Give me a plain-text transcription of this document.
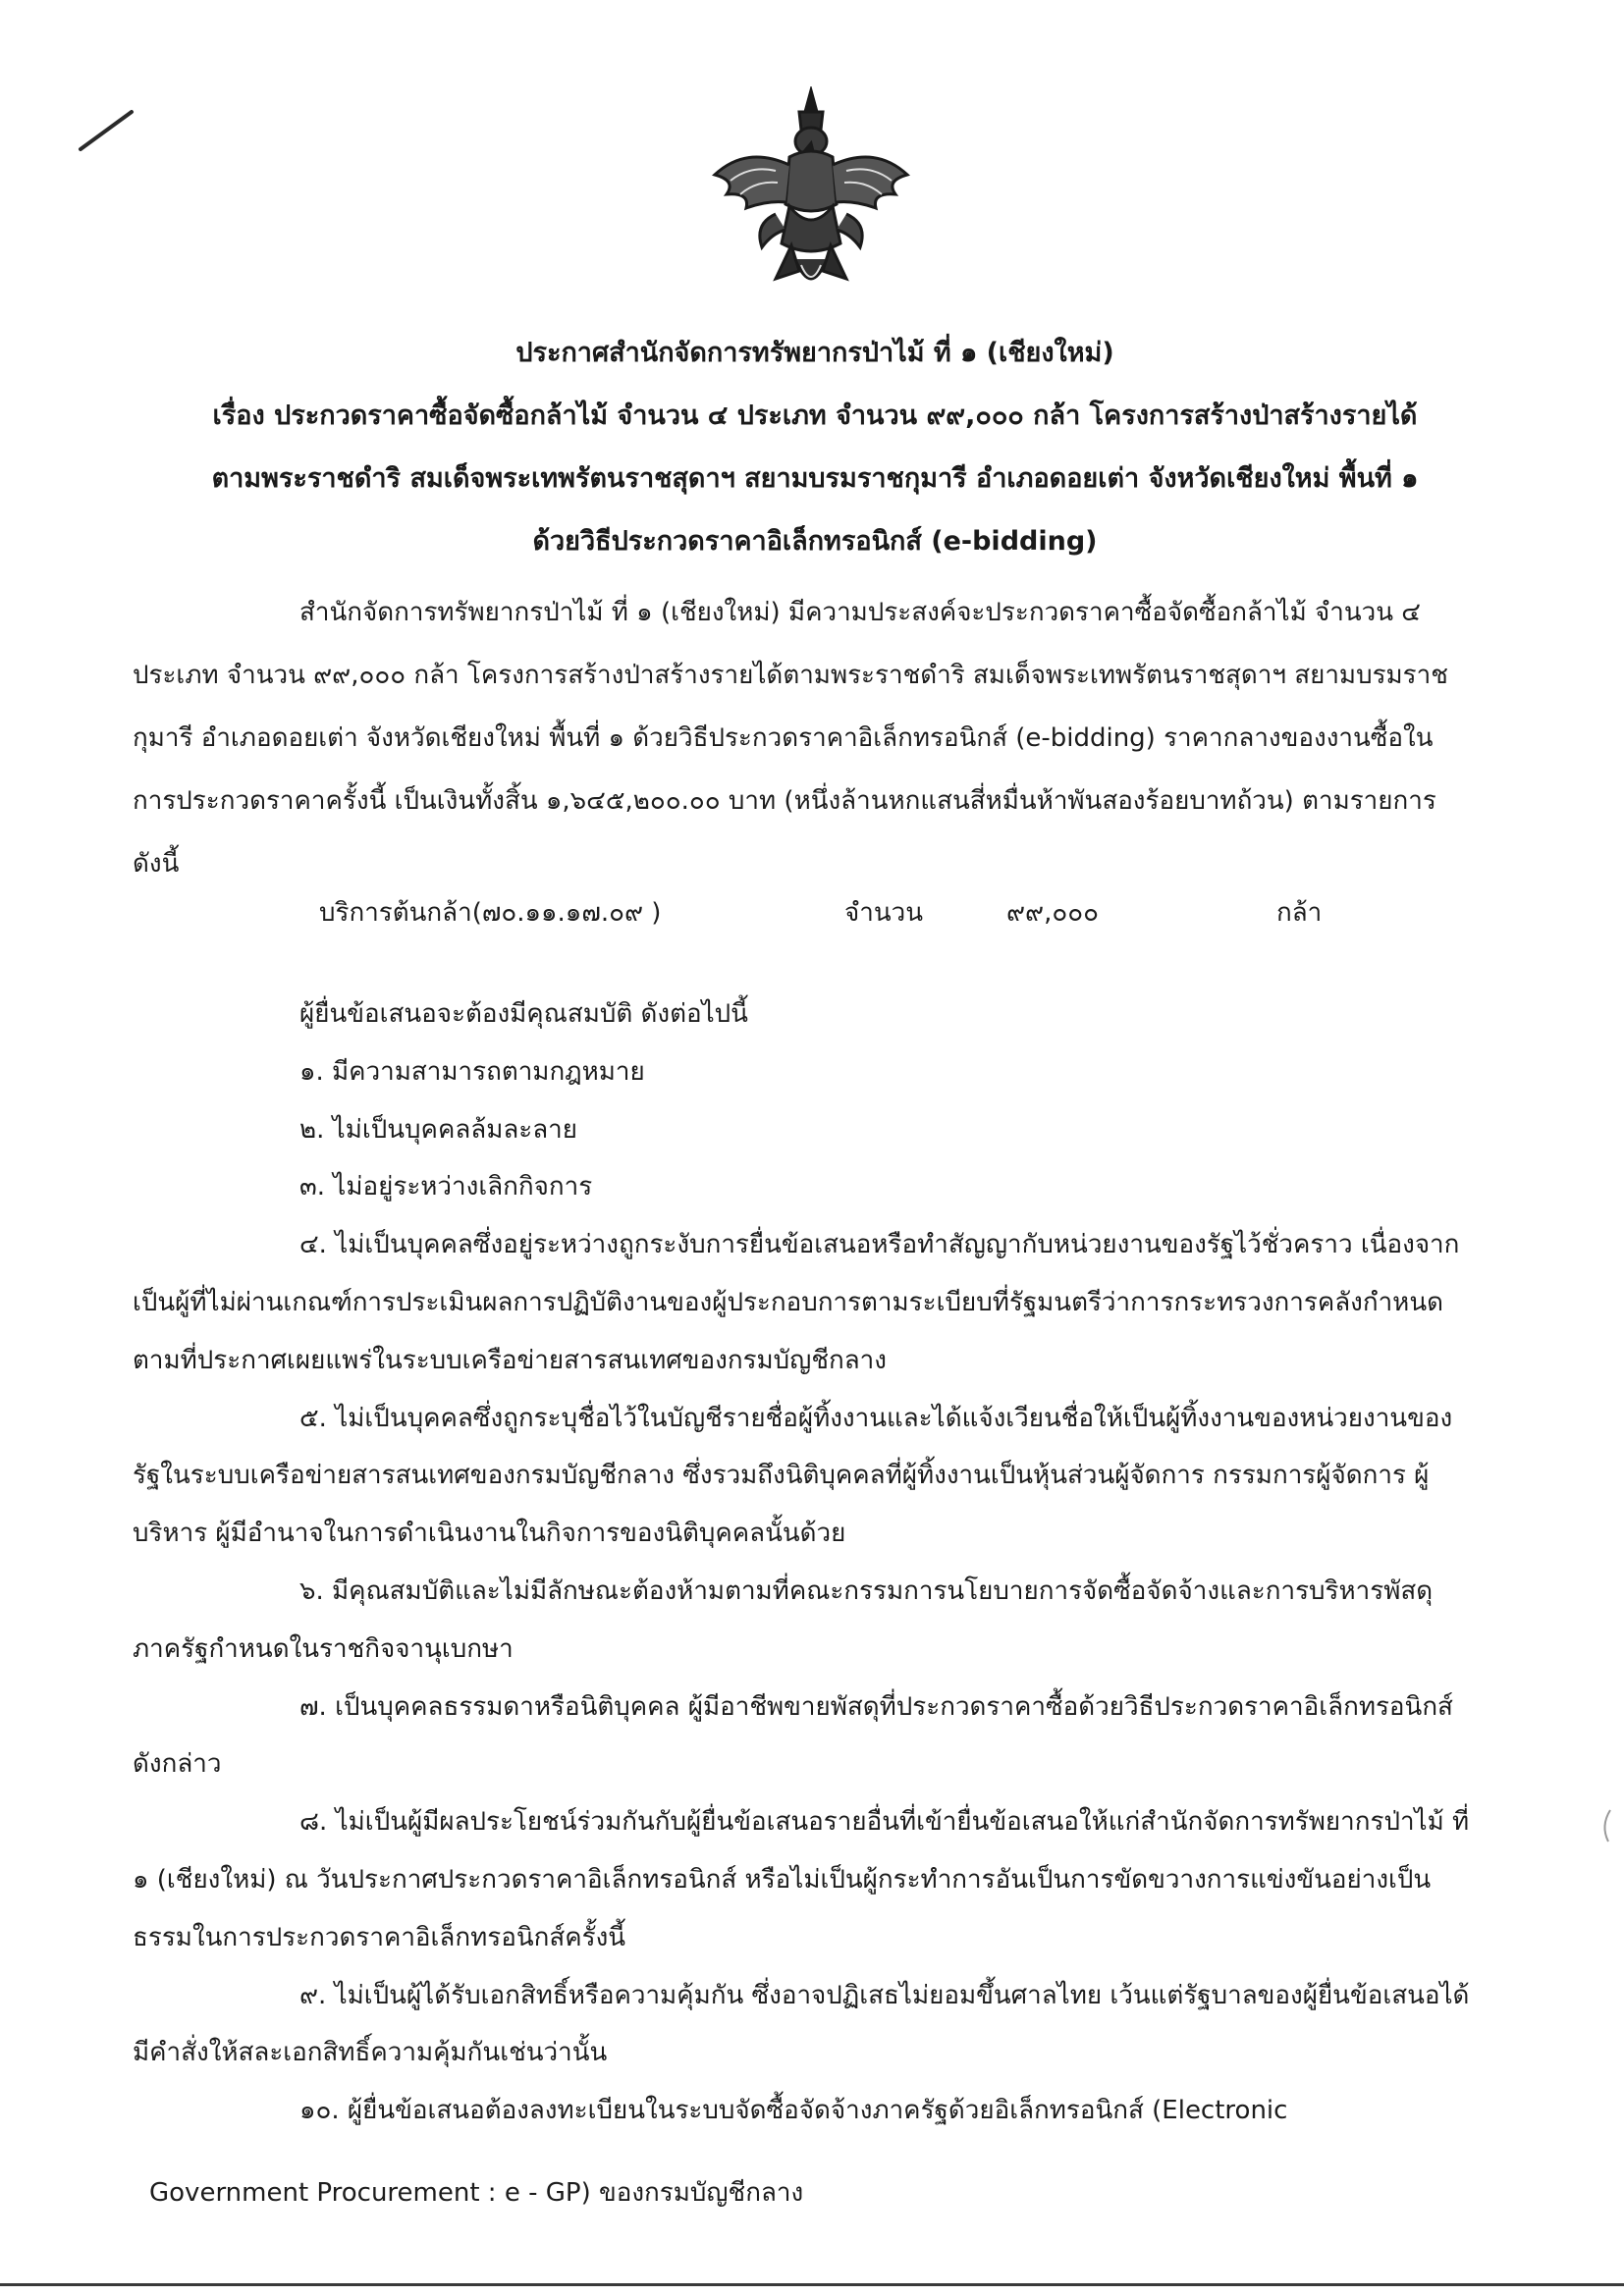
ประกาศสำนักจัดการทรัพยากรป่าไม้ ที่ ๑ (เชียงใหม่)
เรื่อง ประกวดราคาซื้อจัดซื้อกล้าไม้ จำนวน ๔ ประเภท จำนวน ๙๙,๐๐๐ กล้า โครงการสร้างป่าสร้างรายได้
ตามพระราชดำริ สมเด็จพระเทพรัตนราชสุดาฯ สยามบรมราชกุมารี อำเภอดอยเต่า จังหวัดเชียงใหม่ พื้นที่ ๑
ด้วยวิธีประกวดราคาอิเล็กทรอนิกส์ (e-bidding)

สำนักจัดการทรัพยากรป่าไม้ ที่ ๑ (เชียงใหม่) มีความประสงค์จะประกวดราคาซื้อจัดซื้อกล้าไม้ จำนวน ๔ ประเภท จำนวน ๙๙,๐๐๐ กล้า โครงการสร้างป่าสร้างรายได้ตามพระราชดำริ สมเด็จพระเทพรัตนราชสุดาฯ สยามบรมราชกุมารี อำเภอดอยเต่า จังหวัดเชียงใหม่ พื้นที่ ๑ ด้วยวิธีประกวดราคาอิเล็กทรอนิกส์ (e-bidding) ราคากลางของงานซื้อในการประกวดราคาครั้งนี้ เป็นเงินทั้งสิ้น ๑,๖๔๕,๒๐๐.๐๐ บาท (หนึ่งล้านหกแสนสี่หมื่นห้าพันสองร้อยบาทถ้วน) ตามรายการ ดังนี้

บริการต้นกล้า(๗๐.๑๑.๑๗.๐๙ )	จำนวน	๙๙,๐๐๐	กล้า

ผู้ยื่นข้อเสนอจะต้องมีคุณสมบัติ ดังต่อไปนี้

๑. มีความสามารถตามกฎหมาย

๒. ไม่เป็นบุคคลล้มละลาย

๓. ไม่อยู่ระหว่างเลิกกิจการ

๔. ไม่เป็นบุคคลซึ่งอยู่ระหว่างถูกระงับการยื่นข้อเสนอหรือทำสัญญากับหน่วยงานของรัฐไว้ชั่วคราว เนื่องจากเป็นผู้ที่ไม่ผ่านเกณฑ์การประเมินผลการปฏิบัติงานของผู้ประกอบการตามระเบียบที่รัฐมนตรีว่าการกระทรวงการคลังกำหนดตามที่ประกาศเผยแพร่ในระบบเครือข่ายสารสนเทศของกรมบัญชีกลาง

๕. ไม่เป็นบุคคลซึ่งถูกระบุชื่อไว้ในบัญชีรายชื่อผู้ทิ้งงานและได้แจ้งเวียนชื่อให้เป็นผู้ทิ้งงานของหน่วยงานของรัฐในระบบเครือข่ายสารสนเทศของกรมบัญชีกลาง ซึ่งรวมถึงนิติบุคคลที่ผู้ทิ้งงานเป็นหุ้นส่วนผู้จัดการ กรรมการผู้จัดการ ผู้บริหาร ผู้มีอำนาจในการดำเนินงานในกิจการของนิติบุคคลนั้นด้วย

๖. มีคุณสมบัติและไม่มีลักษณะต้องห้ามตามที่คณะกรรมการนโยบายการจัดซื้อจัดจ้างและการบริหารพัสดุภาครัฐกำหนดในราชกิจจานุเบกษา

๗. เป็นบุคคลธรรมดาหรือนิติบุคคล ผู้มีอาชีพขายพัสดุที่ประกวดราคาซื้อด้วยวิธีประกวดราคาอิเล็กทรอนิกส์ดังกล่าว

๘. ไม่เป็นผู้มีผลประโยชน์ร่วมกันกับผู้ยื่นข้อเสนอรายอื่นที่เข้ายื่นข้อเสนอให้แก่สำนักจัดการทรัพยากรป่าไม้ ที่ ๑ (เชียงใหม่) ณ วันประกาศประกวดราคาอิเล็กทรอนิกส์ หรือไม่เป็นผู้กระทำการอันเป็นการขัดขวางการแข่งขันอย่างเป็นธรรมในการประกวดราคาอิเล็กทรอนิกส์ครั้งนี้

๙. ไม่เป็นผู้ได้รับเอกสิทธิ์หรือความคุ้มกัน ซึ่งอาจปฏิเสธไม่ยอมขึ้นศาลไทย เว้นแต่รัฐบาลของผู้ยื่นข้อเสนอได้มีคำสั่งให้สละเอกสิทธิ์ความคุ้มกันเช่นว่านั้น

๑๐. ผู้ยื่นข้อเสนอต้องลงทะเบียนในระบบจัดซื้อจัดจ้างภาครัฐด้วยอิเล็กทรอนิกส์ (Electronic

Government Procurement : e - GP) ของกรมบัญชีกลาง
